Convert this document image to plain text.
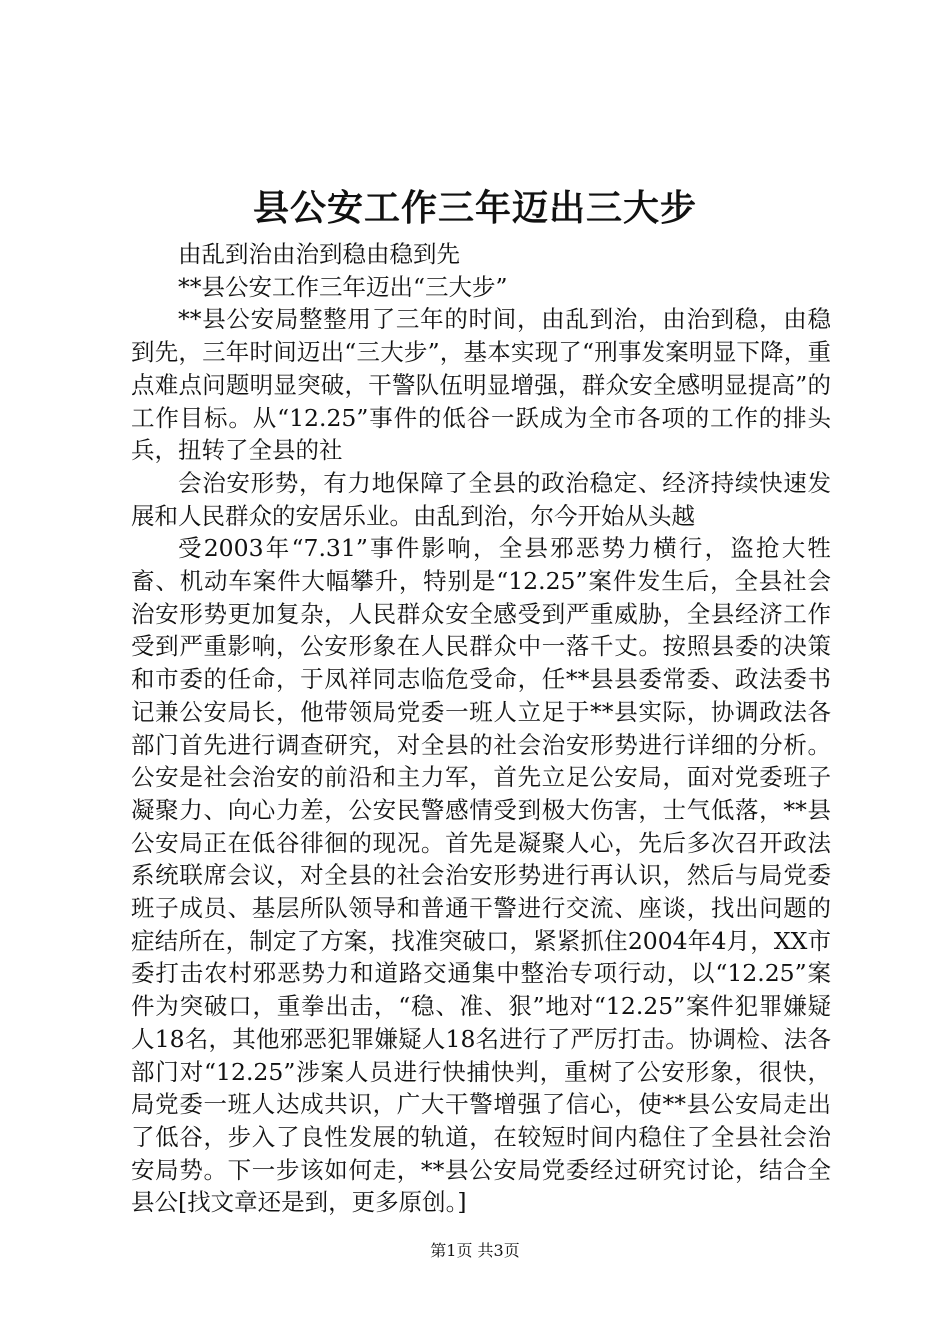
县公安工作三年迈出三大步

由乱到治由治到稳由稳到先

**县公安工作三年迈出“三大步”

**县公安局整整用了三年的时间，由乱到治，由治到稳，由稳到先，三年时间迈出“三大步”，基本实现了“刑事发案明显下降，重点难点问题明显突破，干警队伍明显增强，群众安全感明显提高”的工作目标。从“12.25”事件的低谷一跃成为全市各项的工作的排头兵，扭转了全县的社

会治安形势，有力地保障了全县的政治稳定、经济持续快速发展和人民群众的安居乐业。由乱到治，尔今开始从头越

受2003年“7.31”事件影响，全县邪恶势力横行，盗抢大牲畜、机动车案件大幅攀升，特别是“12.25”案件发生后，全县社会治安形势更加复杂，人民群众安全感受到严重威胁，全县经济工作受到严重影响，公安形象在人民群众中一落千丈。按照县委的决策和市委的任命，于凤祥同志临危受命，任**县县委常委、政法委书记兼公安局长，他带领局党委一班人立足于**县实际，协调政法各部门首先进行调查研究，对全县的社会治安形势进行详细的分析。公安是社会治安的前沿和主力军，首先立足公安局，面对党委班子凝聚力、向心力差，公安民警感情受到极大伤害，士气低落，**县公安局正在低谷徘徊的现况。首先是凝聚人心，先后多次召开政法系统联席会议，对全县的社会治安形势进行再认识，然后与局党委班子成员、基层所队领导和普通干警进行交流、座谈，找出问题的症结所在，制定了方案，找准突破口，紧紧抓住2004年4月，XX市委打击农村邪恶势力和道路交通集中整治专项行动，以“12.25”案件为突破口，重拳出击，“稳、准、狠”地对“12.25”案件犯罪嫌疑人18名，其他邪恶犯罪嫌疑人18名进行了严厉打击。协调检、法各部门对“12.25”涉案人员进行快捕快判，重树了公安形象，很快，局党委一班人达成共识，广大干警增强了信心，使**县公安局走出了低谷，步入了良性发展的轨道，在较短时间内稳住了全县社会治安局势。下一步该如何走，**县公安局党委经过研究讨论，结合全县公[找文章还是到，更多原创。]

第1页 共3页
